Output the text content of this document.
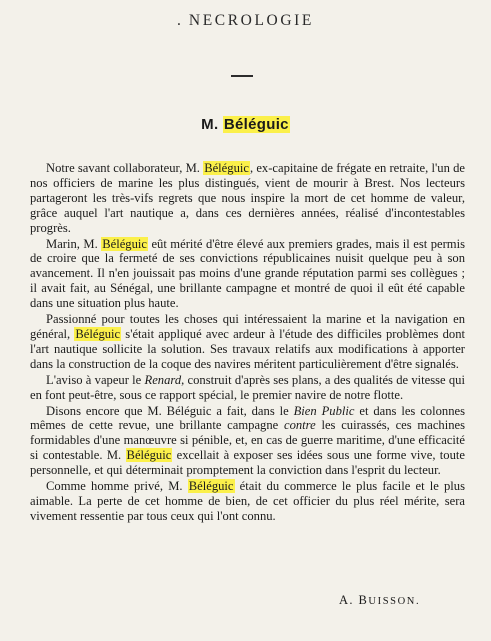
. NECROLOGIE
M. Béléguic

Notre savant collaborateur, M. Béléguic, ex-capitaine de frégate en retraite, l'un de nos officiers de marine les plus distingués, vient de mourir à Brest. Nos lecteurs partageront les très-vifs regrets que nous inspire la mort de cet homme de valeur, grâce auquel l'art nautique a, dans ces dernières années, réalisé d'incontestables progrès.

Marin, M. Béléguic eût mérité d'être élevé aux premiers grades, mais il est permis de croire que la fermeté de ses convictions républicaines nuisit quelque peu à son avancement. Il n'en jouissait pas moins d'une grande réputation parmi ses collègues ; il avait fait, au Sénégal, une brillante campagne et montré de quoi il eût été capable dans une situation plus haute.

Passionné pour toutes les choses qui intéressaient la marine et la navigation en général, Béléguic s'était appliqué avec ardeur à l'étude des difficiles problèmes dont l'art nautique sollicite la solution. Ses travaux relatifs aux modifications à apporter dans la construction de la coque des navires méritent particulièrement d'être signalés.

L'aviso à vapeur le Renard, construit d'après ses plans, a des qualités de vitesse qui en font peut-être, sous ce rapport spécial, le premier navire de notre flotte.

Disons encore que M. Béléguic a fait, dans le Bien Public et dans les colonnes mêmes de cette revue, une brillante campagne contre les cuirassés, ces machines formidables d'une manœuvre si pénible, et, en cas de guerre maritime, d'une efficacité si contestable. M. Béléguic excellait à exposer ses idées sous une forme vive, toute personnelle, et qui déterminait promptement la conviction dans l'esprit du lecteur.

Comme homme privé, M. Béléguic était du commerce le plus facile et le plus aimable. La perte de cet homme de bien, de cet officier du plus réel mérite, sera vivement ressentie par tous ceux qui l'ont connu.

A. BUISSON.
